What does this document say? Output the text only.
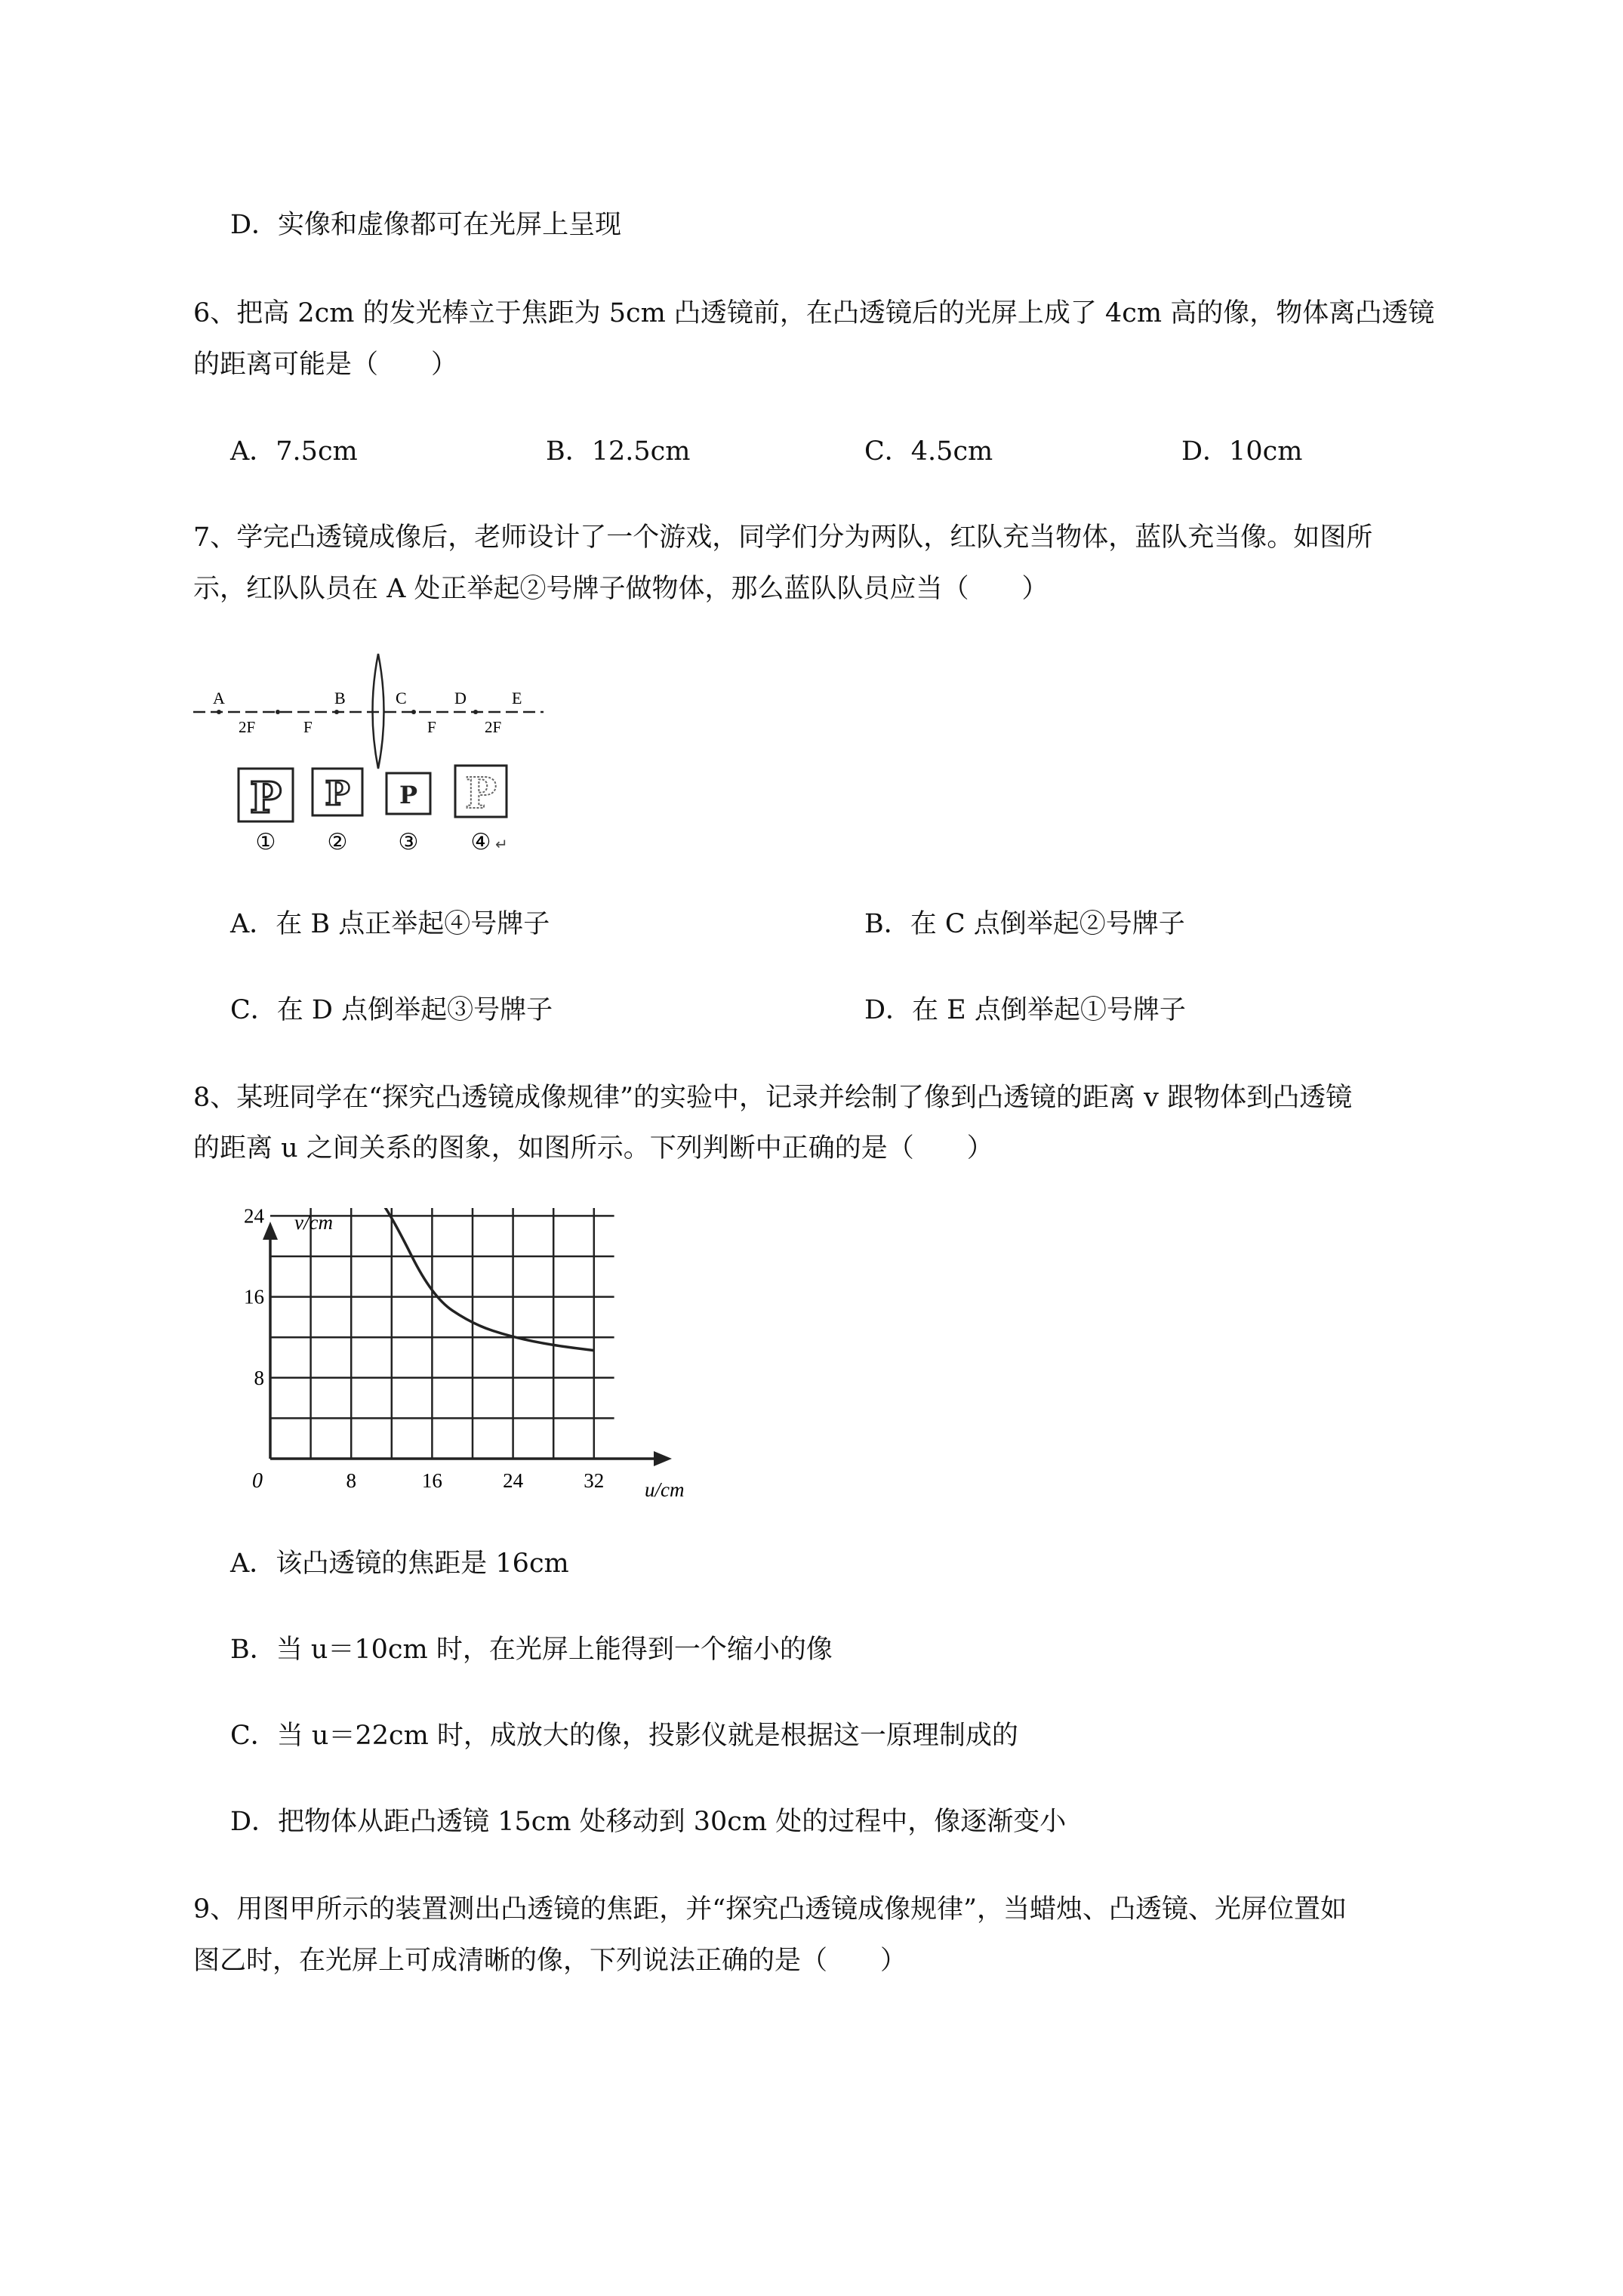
D．实像和虚像都可在光屏上呈现
6、把高 2cm 的发光棒立于焦距为 5cm 凸透镜前，在凸透镜后的光屏上成了 4cm 高的像，物体离凸透镜
的距离可能是（　　）
A．7.5cm	B．12.5cm	C．4.5cm	D．10cm
7、学完凸透镜成像后，老师设计了一个游戏，同学们分为两队，红队充当物体，蓝队充当像。如图所
示，红队队员在 A 处正举起②号牌子做物体，那么蓝队队员应当（　　）
A	B	C	D	E
2F	F	F	2F
P P P P
① ② ③ ④ ↵
A．在 B 点正举起④号牌子	B．在 C 点倒举起②号牌子
C．在 D 点倒举起③号牌子	D．在 E 点倒举起①号牌子
8、某班同学在“探究凸透镜成像规律”的实验中，记录并绘制了像到凸透镜的距离 v 跟物体到凸透镜
的距离 u 之间关系的图象，如图所示。下列判断中正确的是（　　）
8	16	24	32
8
16
24 v/cm
u/cm
0
A．该凸透镜的焦距是 16cm
B．当 u＝10cm 时，在光屏上能得到一个缩小的像
C．当 u＝22cm 时，成放大的像，投影仪就是根据这一原理制成的
D．把物体从距凸透镜 15cm 处移动到 30cm 处的过程中，像逐渐变小
9、用图甲所示的装置测出凸透镜的焦距，并“探究凸透镜成像规律”，当蜡烛、凸透镜、光屏位置如
图乙时，在光屏上可成清晰的像，下列说法正确的是（　　）
